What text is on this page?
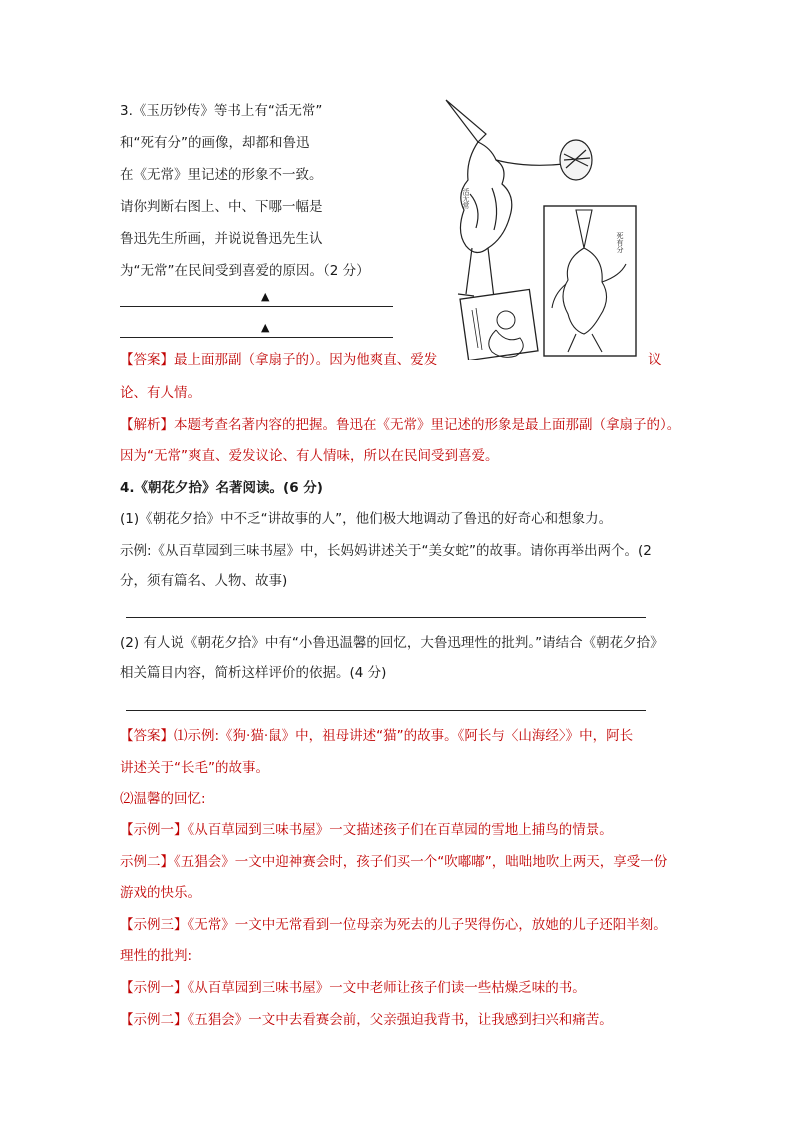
3.《玉历钞传》等书上有“活无常”
和“死有分”的画像，却都和鲁迅
在《无常》里记述的形象不一致。
请你判断右图上、中、下哪一幅是
鲁迅先生所画，并说说鲁迅先生认
为“无常”在民间受到喜爱的原因。（2 分）
▲
▲
活无常
死有分
【答案】最上面那副（拿扇子的）。因为他爽直、爱发	议
论、有人情。
【解析】本题考查名著内容的把握。鲁迅在《无常》里记述的形象是最上面那副（拿扇子的）。
因为“无常”爽直、爱发议论、有人情味，所以在民间受到喜爱。
4.《朝花夕拾》名著阅读。(6 分)
(1)《朝花夕拾》中不乏“讲故事的人”，他们极大地调动了鲁迅的好奇心和想象力。
示例:《从百草园到三味书屋》中，长妈妈讲述关于“美女蛇”的故事。请你再举出两个。(2
分，须有篇名、人物、故事)
(2) 有人说《朝花夕拾》中有“小鲁迅温馨的回忆，大鲁迅理性的批判。”请结合《朝花夕拾》
相关篇目内容，简析这样评价的依据。(4 分)
【答案】⑴示例:《狗·猫·鼠》中，祖母讲述“猫”的故事。《阿长与〈山海经〉》中，阿长
讲述关于“长毛”的故事。
⑵温馨的回忆:
【示例一】《从百草园到三味书屋》一文描述孩子们在百草园的雪地上捕鸟的情景。
示例二】《五猖会》一文中迎神赛会时，孩子们买一个“吹嘟嘟”，咄咄地吹上两天，享受一份
游戏的快乐。
【示例三】《无常》一文中无常看到一位母亲为死去的儿子哭得伤心，放她的儿子还阳半刻。
理性的批判:
【示例一】《从百草园到三味书屋》一文中老师让孩子们读一些枯燥乏味的书。
【示例二】《五猖会》一文中去看赛会前，父亲强迫我背书，让我感到扫兴和痛苦。
